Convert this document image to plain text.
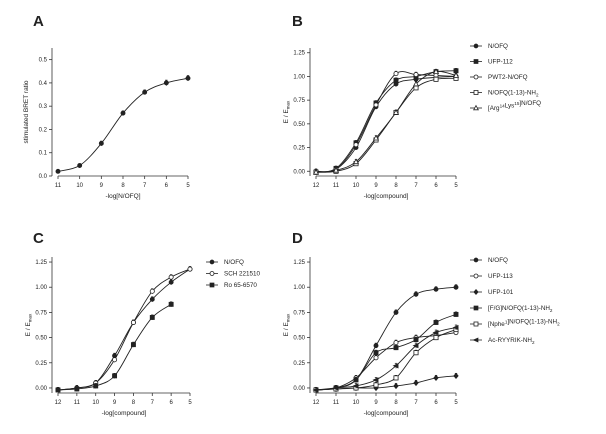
A
11	10	9	8	7	6	5
0.0
0.1
0.2
0.3
0.4
0.5
-log[N/OFQ]
stimulated BRET ratio
B
12 11 10 9	8	7	6	5
0.00
0.25
0.50
0.75
1.00
1.25
-log[compound]
E / $E_{max}$
N/OFQ
UFP-112
PWT2-N/OFQ
$N/OFQ(1-13)-NH_2$
[Arg$^{14}$Lys$^{15}$]N/OFQ
C
12 11 10 9	8	7	6	5
0.00
0.25
0.50
0.75
1.00
1.25
-log[compound]
E / $E_{max}$
N/OFQ
SCH 221510
Ro 65-6570
D
12 11 10 9	8	7	6	5
0.00
0.25
0.50
0.75
1.00
1.25
-log[compound]
E / $E_{max}$
N/OFQ
UFP-113
UFP-101
$[F/G]N/OFQ(1-13)-NH_2$
$[Nphe^1]N/OFQ(1-13)-NH_2$
$Ac-RYYRIK-NH_2$
